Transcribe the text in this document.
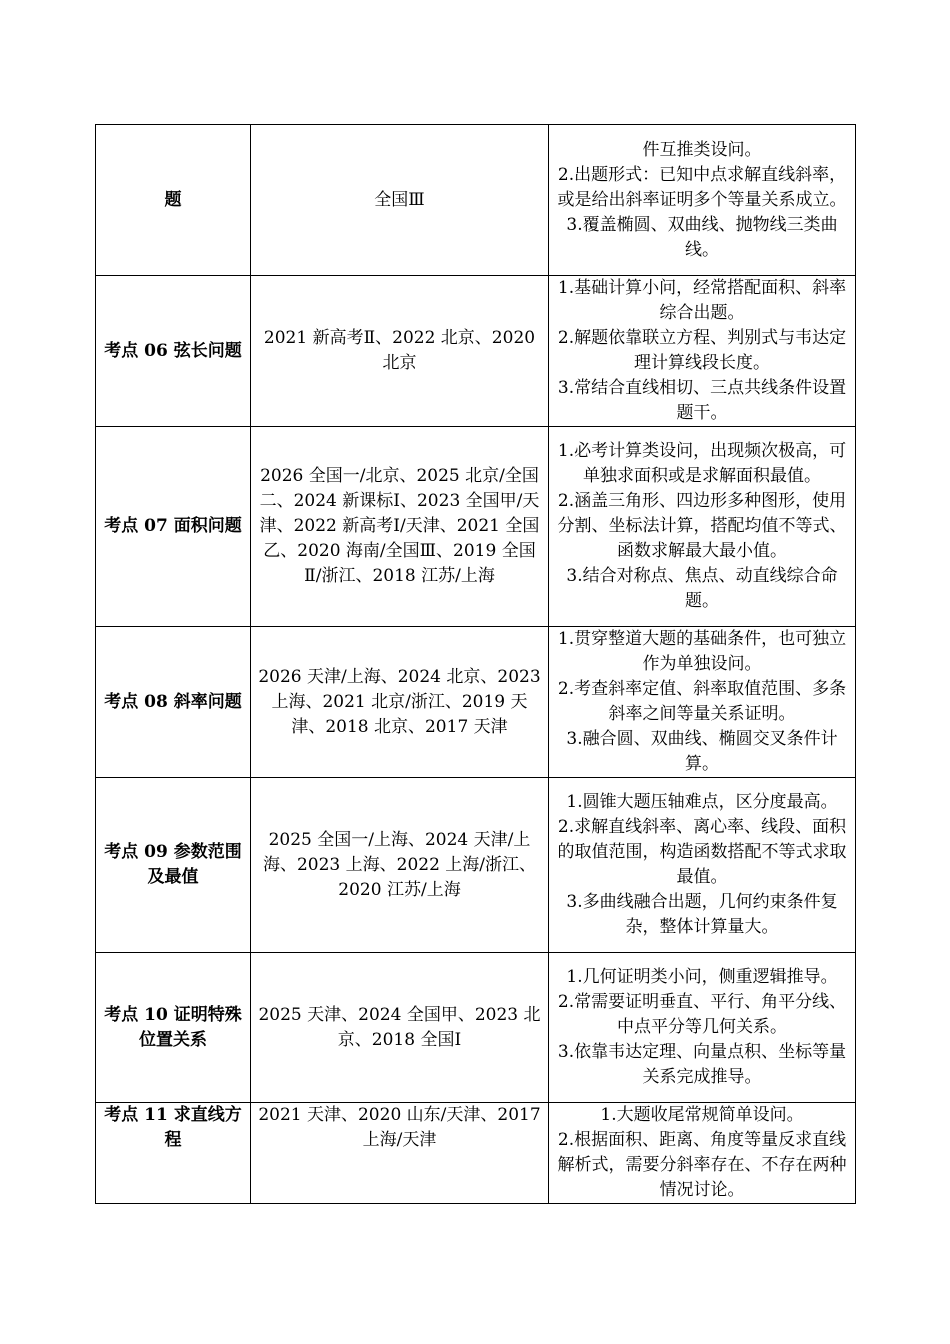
题	全国Ⅲ	件互推类设问。
2.出题形式：已知中点求解直线斜率，或是给出斜率证明多个等量关系成立。
3.覆盖椭圆、双曲线、抛物线三类曲线。

考点 06 弦长问题	2021 新高考Ⅱ、2022 北京、2020 北京	1.基础计算小问，经常搭配面积、斜率综合出题。
2.解题依靠联立方程、判别式与韦达定理计算线段长度。
3.常结合直线相切、三点共线条件设置题干。

考点 07 面积问题	2026 全国一/北京、2025 北京/全国二、2024 新课标Ⅰ、2023 全国甲/天津、2022 新高考Ⅰ/天津、2021 全国乙、2020 海南/全国Ⅲ、2019 全国Ⅱ/浙江、2018 江苏/上海	1.必考计算类设问，出现频次极高，可单独求面积或是求解面积最值。
2.涵盖三角形、四边形多种图形，使用分割、坐标法计算，搭配均值不等式、函数求解最大最小值。
3.结合对称点、焦点、动直线综合命题。

考点 08 斜率问题	2026 天津/上海、2024 北京、2023 上海、2021 北京/浙江、2019 天津、2018 北京、2017 天津	1.贯穿整道大题的基础条件，也可独立作为单独设问。
2.考查斜率定值、斜率取值范围、多条斜率之间等量关系证明。
3.融合圆、双曲线、椭圆交叉条件计算。

考点 09 参数范围及最值	2025 全国一/上海、2024 天津/上海、2023 上海、2022 上海/浙江、2020 江苏/上海	1.圆锥大题压轴难点，区分度最高。
2.求解直线斜率、离心率、线段、面积的取值范围，构造函数搭配不等式求取最值。
3.多曲线融合出题，几何约束条件复杂，整体计算量大。

考点 10 证明特殊位置关系	2025 天津、2024 全国甲、2023 北京、2018 全国Ⅰ	1.几何证明类小问，侧重逻辑推导。
2.常需要证明垂直、平行、角平分线、中点平分等几何关系。
3.依靠韦达定理、向量点积、坐标等量关系完成推导。

考点 11 求直线方程	2021 天津、2020 山东/天津、2017 上海/天津	1.大题收尾常规简单设问。
2.根据面积、距离、角度等量反求直线解析式，需要分斜率存在、不存在两种情况讨论。
